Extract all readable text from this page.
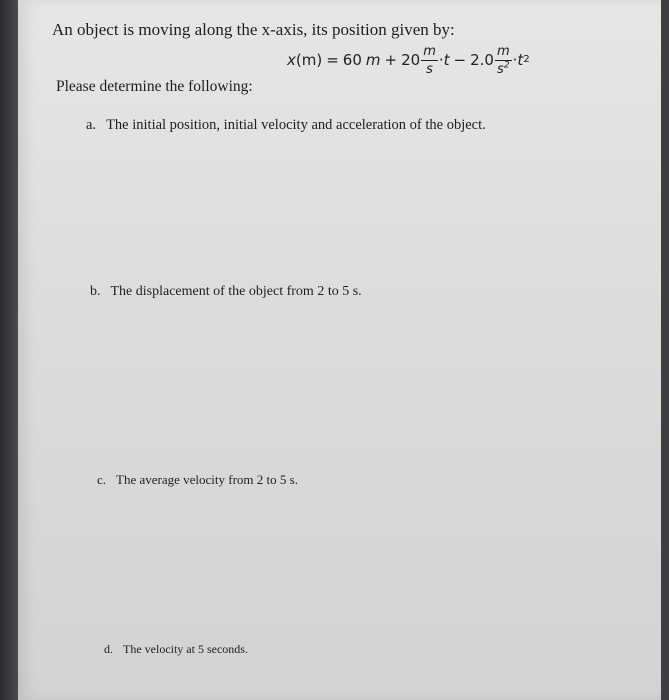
An object is moving along the x-axis, its position given by:
x (m) = 60 $m + 20 \frac{m}{s} \cdot t - 2.0 \frac{m}{s^2} \cdot t$ 2
Please determine the following:
a. The initial position, initial velocity and acceleration of the object.
b. The displacement of the object from 2 to 5 s.
c. The average velocity from 2 to 5 s.
d. The velocity at 5 seconds.
